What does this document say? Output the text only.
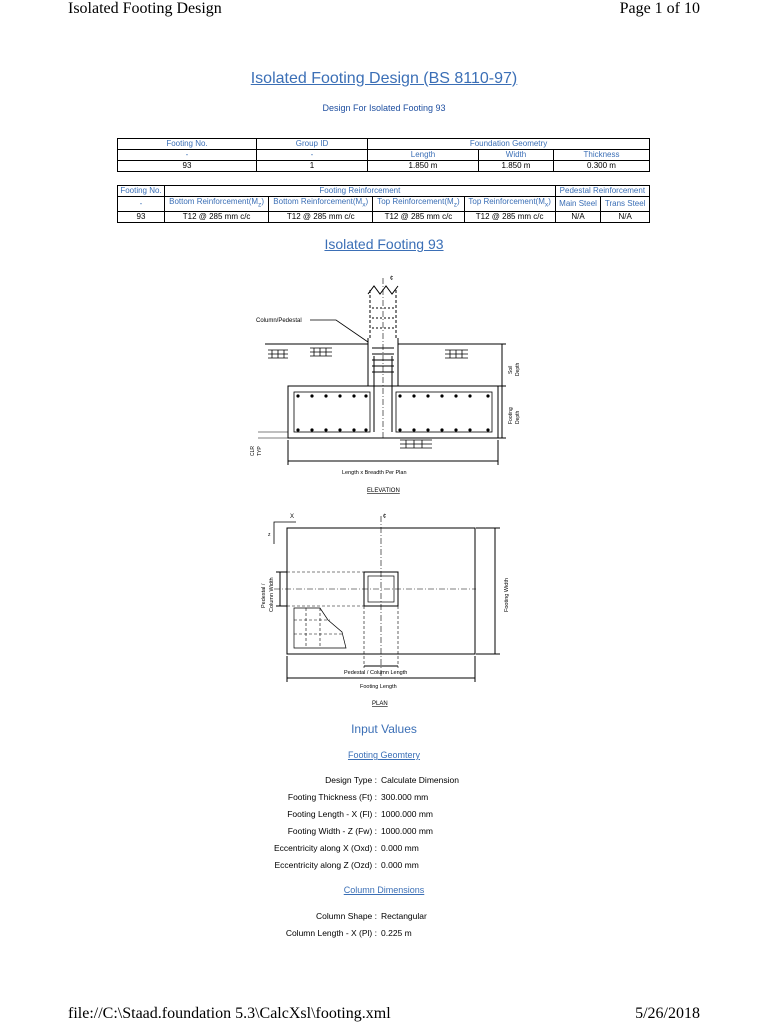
Isolated Footing Design	Page 1 of 10
Isolated Footing Design (BS 8110-97)
Design For Isolated Footing 93
Footing No.	Group ID	Foundation Geometry		
-	-	Length	Width	Thickness
93	1	1.850 m	1.850 m	0.300 m
Footing No.	Footing Reinforcement				Pedestal Reinforcement	
-	Bottom $Reinforcement(M_z)$	Bottom $Reinforcement(M_x)$	Top $Reinforcement(M_z)$	Top $Reinforcement(M_x)$	Main Steel	Trans Steel
93	T12 @ 285 mm c/c	T12 @ 285 mm c/c	T12 @ 285 mm c/c	T12 @ 285 mm c/c	N/A	N/A
Isolated Footing 93
¢
Column/Pedestal
Soil Depth
Footing Depth
CLR TYP
Length x Breadth Per Plan
ELEVATION
X
z
¢
Pedestal / Column Width	Footing Width
Pedestal / Column Length
Footing Length
PLAN
Input Values
Footing Geomtery
Design Type : Calculate Dimension
Footing Thickness (Ft) : 300.000 mm
Footing Length - X (Fl) : 1000.000 mm
Footing Width - Z (Fw) : 1000.000 mm
Eccentricity along X (Oxd) : 0.000 mm
Eccentricity along Z (Ozd) : 0.000 mm
Column Dimensions
Column Shape : Rectangular
Column Length - X (Pl) : 0.225 m
file://C:\Staad.foundation 5.3\CalcXsl\footing.xml	5/26/2018
